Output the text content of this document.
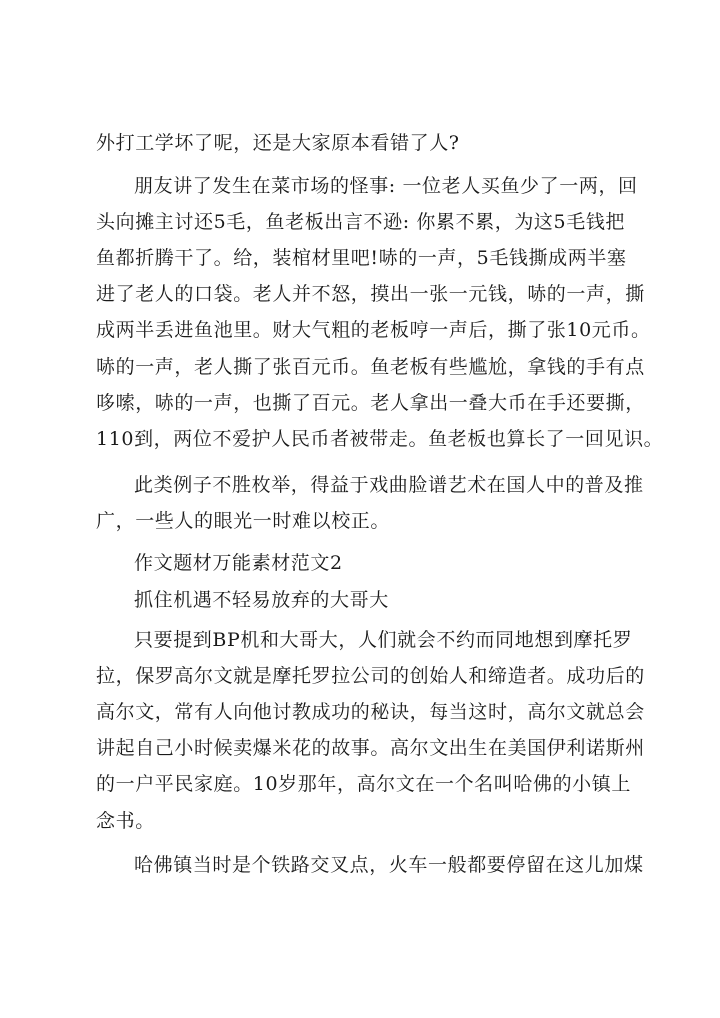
外打工学坏了呢，还是大家原本看错了人?
朋友讲了发生在菜市场的怪事: 一位老人买鱼少了一两，回
头向摊主讨还5毛，鱼老板出言不逊: 你累不累，为这5毛钱把
鱼都折腾干了。给，装棺材里吧!哧的一声，5毛钱撕成两半塞
进了老人的口袋。老人并不怒，摸出一张一元钱，哧的一声，撕
成两半丢进鱼池里。财大气粗的老板哼一声后，撕了张10元币。
哧的一声，老人撕了张百元币。鱼老板有些尴尬，拿钱的手有点
哆嗦，哧的一声，也撕了百元。老人拿出一叠大币在手还要撕，
110到，两位不爱护人民币者被带走。鱼老板也算长了一回见识。
此类例子不胜枚举，得益于戏曲脸谱艺术在国人中的普及推
广，一些人的眼光一时难以校正。
作文题材万能素材范文2
抓住机遇不轻易放弃的大哥大
只要提到BP机和大哥大，人们就会不约而同地想到摩托罗
拉，保罗高尔文就是摩托罗拉公司的创始人和缔造者。成功后的
高尔文，常有人向他讨教成功的秘诀，每当这时，高尔文就总会
讲起自己小时候卖爆米花的故事。高尔文出生在美国伊利诺斯州
的一户平民家庭。10岁那年，高尔文在一个名叫哈佛的小镇上
念书。
哈佛镇当时是个铁路交叉点，火车一般都要停留在这儿加煤
